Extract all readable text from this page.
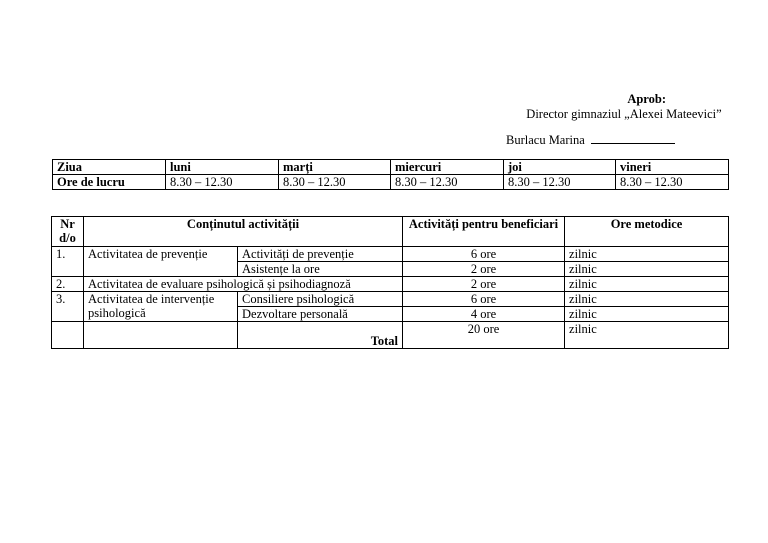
Aprob:
Director gimnaziul „Alexei Mateevici”
Burlacu Marina
Ziua	luni	marți	miercuri	joi	vineri
Ore de lucru	8.30 – 12.30	8.30 – 12.30	8.30 – 12.30	8.30 – 12.30	8.30 – 12.30
Nr d/o	Conținutul activității		Activități pentru beneficiari	Ore metodice
1.	Activitatea de prevenție	Activități de prevenție	6 ore	zilnic
		Asistențe la ore	2 ore	zilnic
2.	Activitatea de evaluare psihologică și psihodiagnoză		2 ore	zilnic
3.	Activitatea de intervenție psihologică	Consiliere psihologică	6 ore	zilnic
		Dezvoltare personală	4 ore	zilnic
		Total	20 ore	zilnic
